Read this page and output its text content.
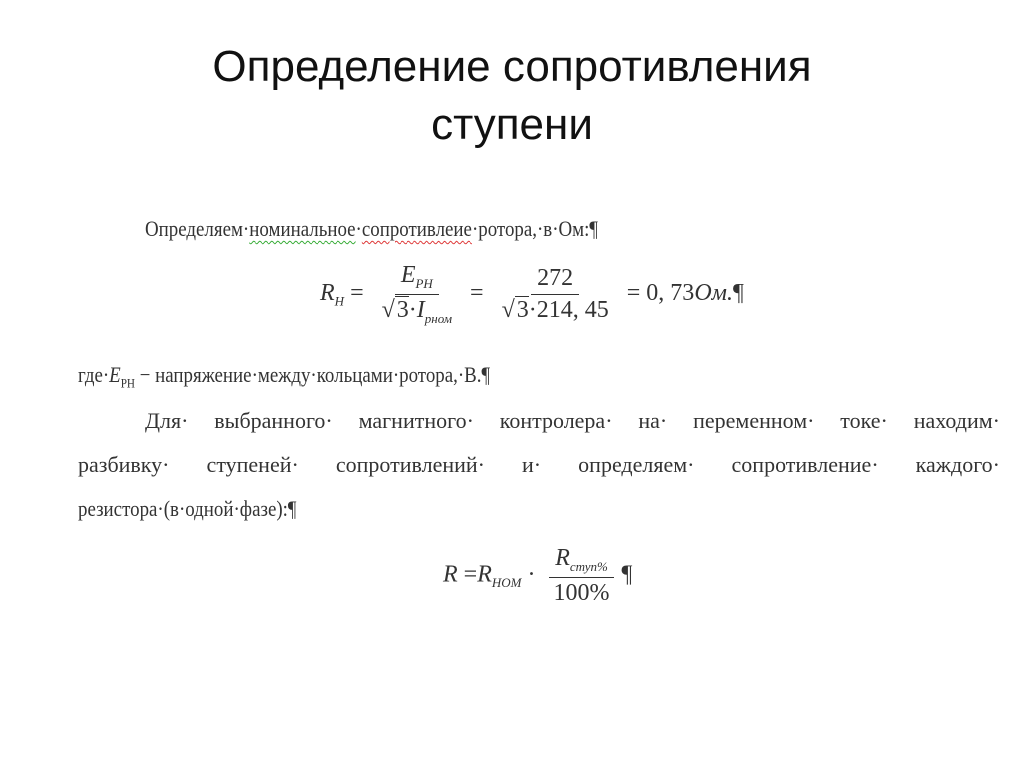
Определение сопротивления
ступени
Определяем·номинальное·сопротивлеие·ротора,·в·Ом:¶
$R_H = \frac{E_{PH}}{√3\cdot I_{pном}} = \frac{272}{√3\cdot 214, 45} = 0$, 73Ом.¶
$где\cdot E_{PH}$ − напряжение·между·кольцами·ротора,·В.¶
Для· выбранного· магнитного· контролера· на· переменном· токе· находим·
разбивку· ступеней· сопротивлений· и· определяем· сопротивление· каждого·
резистора·(в·одной·фазе):¶
$R =R_{НОМ} \cdot \frac{R_{ступ\%}}{100\%}$ ¶
